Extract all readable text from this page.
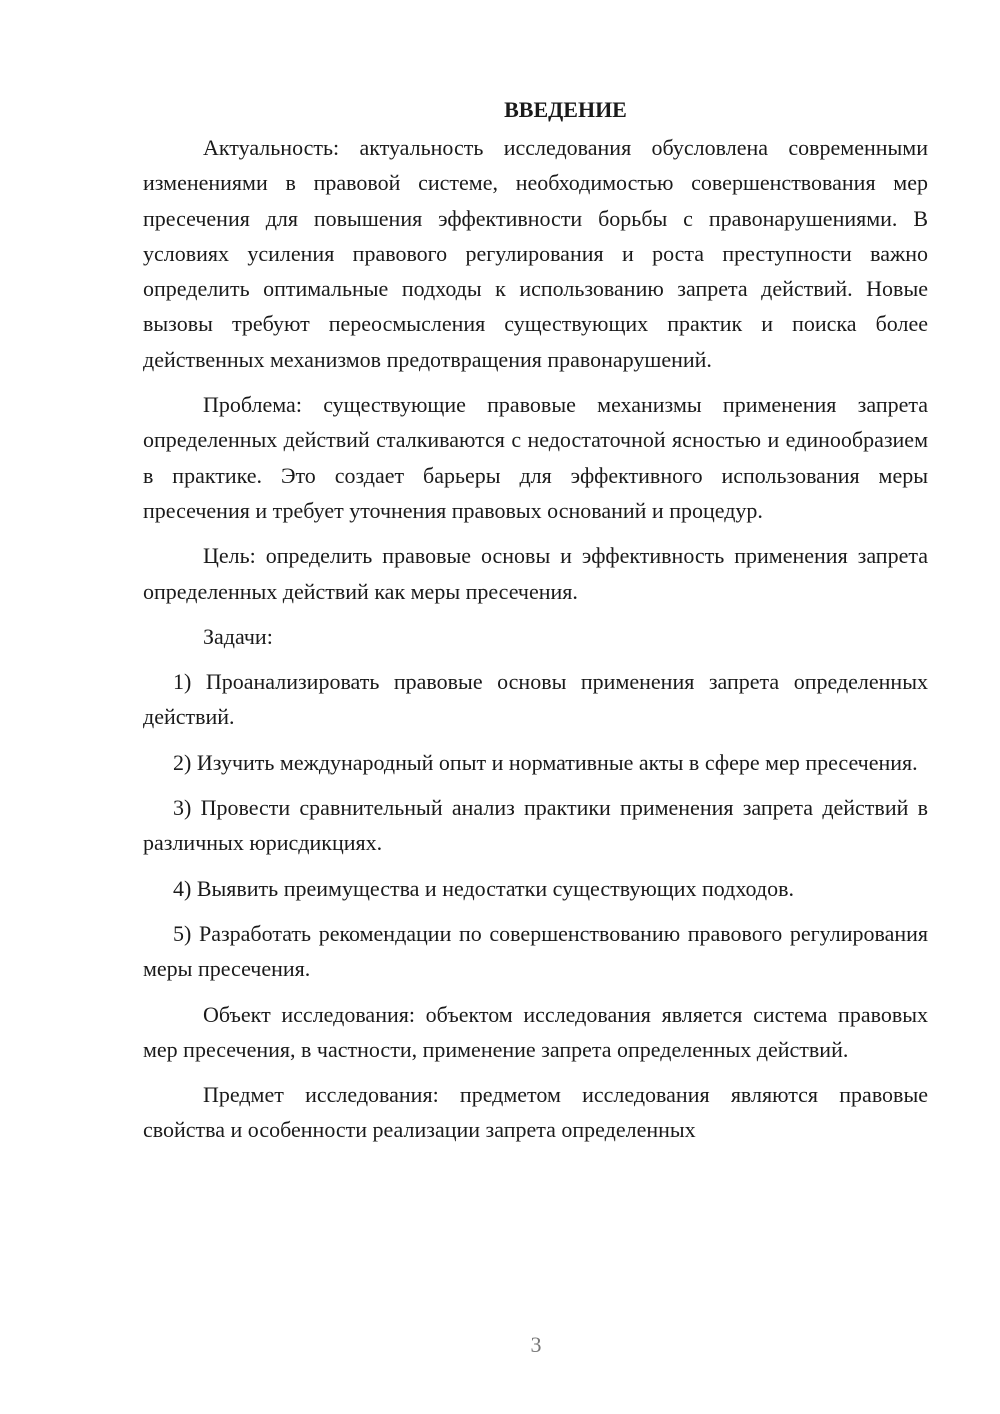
ВВЕДЕНИЕ

Актуальность: актуальность исследования обусловлена современными изменениями в правовой системе, необходимостью совершенствования мер пресечения для повышения эффективности борьбы с правонарушениями. В условиях усиления правового регулирования и роста преступности важно определить оптимальные подходы к использованию запрета действий. Новые вызовы требуют переосмысления существующих практик и поиска более действенных механизмов предотвращения правонарушений.

Проблема: существующие правовые механизмы применения запрета определенных действий сталкиваются с недостаточной ясностью и единообразием в практике. Это создает барьеры для эффективного использования меры пресечения и требует уточнения правовых оснований и процедур.

Цель: определить правовые основы и эффективность применения запрета определенных действий как меры пресечения.

Задачи:

1) Проанализировать правовые основы применения запрета определенных действий.

2) Изучить международный опыт и нормативные акты в сфере мер пресечения.

3) Провести сравнительный анализ практики применения запрета действий в различных юрисдикциях.

4) Выявить преимущества и недостатки существующих подходов.

5) Разработать рекомендации по совершенствованию правового регулирования меры пресечения.

Объект исследования: объектом исследования является система правовых мер пресечения, в частности, применение запрета определенных действий.

Предмет исследования: предметом исследования являются правовые свойства и особенности реализации запрета определенных

3
